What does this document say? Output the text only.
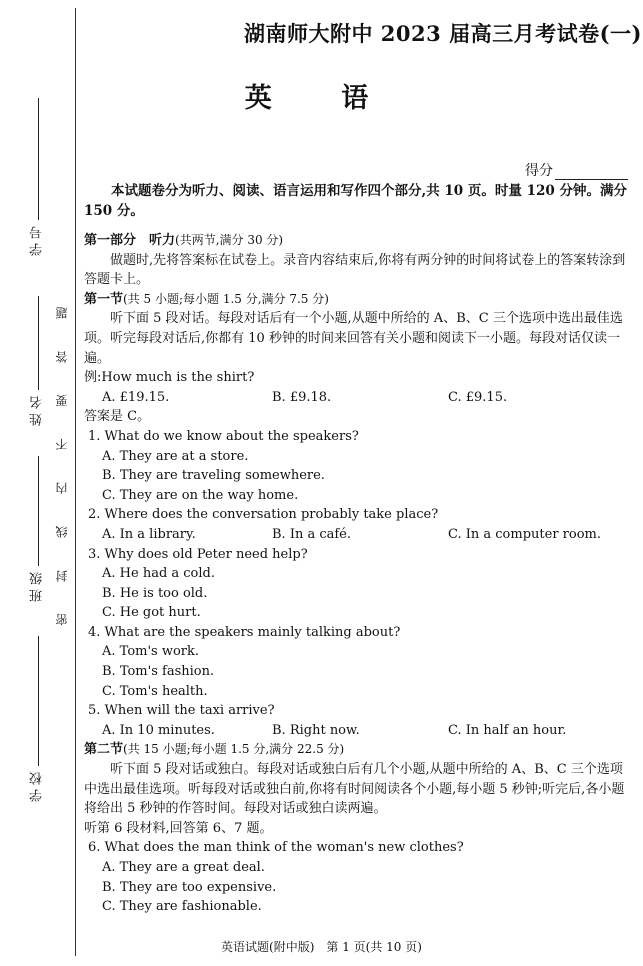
学 号
姓 名
班 级
学 校
密 封 线 内 不 要 答 题
湖南师大附中 2023 届高三月考试卷(一)
英 语
得分

本试题卷分为听力、阅读、语言运用和写作四个部分,共 10 页。时量 120 分钟。满分 150 分。

第一部分　听力(共两节,满分 30 分)

做题时,先将答案标在试卷上。录音内容结束后,你将有两分钟的时间将试卷上的答案转涂到答题卡上。

第一节(共 5 小题;每小题 1.5 分,满分 7.5 分)

听下面 5 段对话。每段对话后有一个小题,从题中所给的 A、B、C 三个选项中选出最佳选项。听完每段对话后,你都有 10 秒钟的时间来回答有关小题和阅读下一小题。每段对话仅读一遍。

例:How much is the shirt?

A. £19.15.	B. £9.18.	C. £9.15.

答案是 C。

1. What do we know about the speakers?

A. They are at a store.

B. They are traveling somewhere.

C. They are on the way home.

2. Where does the conversation probably take place?

A. In a library.	B. In a café.	C. In a computer room.

3. Why does old Peter need help?

A. He had a cold.

B. He is too old.

C. He got hurt.

4. What are the speakers mainly talking about?

A. Tom's work.

B. Tom's fashion.

C. Tom's health.

5. When will the taxi arrive?

A. In 10 minutes.	B. Right now.	C. In half an hour.

第二节(共 15 小题;每小题 1.5 分,满分 22.5 分)

听下面 5 段对话或独白。每段对话或独白后有几个小题,从题中所给的 A、B、C 三个选项中选出最佳选项。听每段对话或独白前,你将有时间阅读各个小题,每小题 5 秒钟;听完后,各小题将给出 5 秒钟的作答时间。每段对话或独白读两遍。

听第 6 段材料,回答第 6、7 题。

6. What does the man think of the woman's new clothes?

A. They are a great deal.

B. They are too expensive.

C. They are fashionable.

英语试题(附中版)　第 1 页(共 10 页)
